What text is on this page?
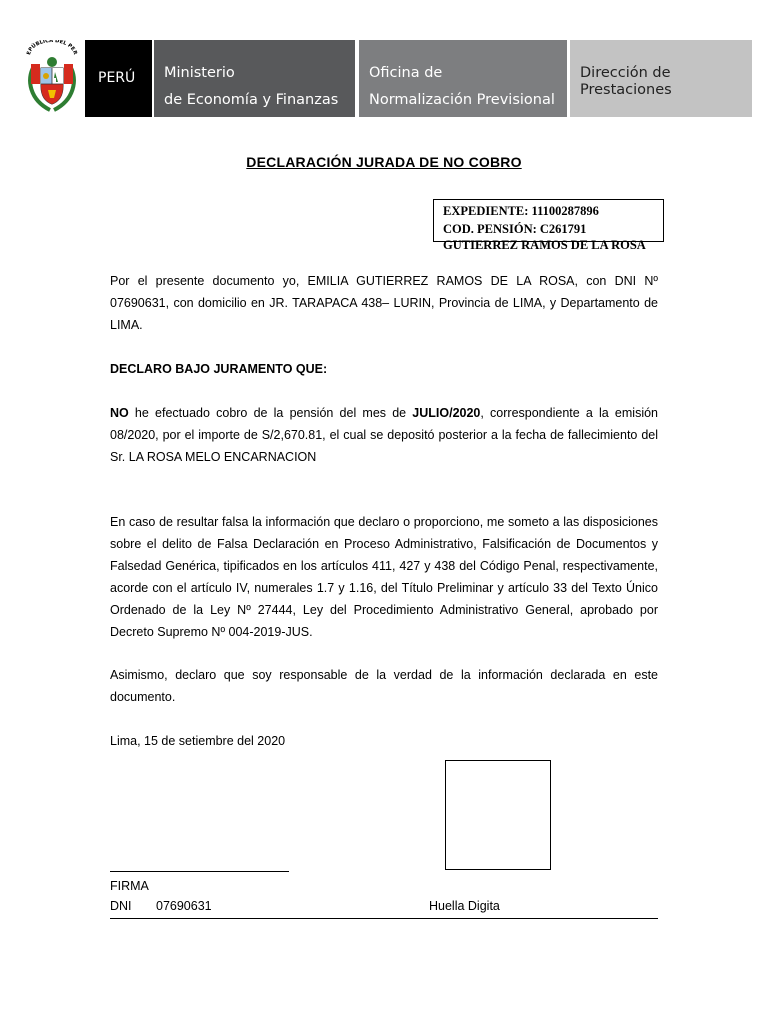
EPÚBLICA DEL PER
PERÚ Ministerio
de Economía y Finanzas
Oficina de
Normalización Previsional
Dirección de
Prestaciones
DECLARACIÓN JURADA DE NO COBRO
EXPEDIENTE: 11100287896
COD. PENSIÓN: C261791
GUTIERREZ RAMOS DE LA ROSA
Por el presente documento yo, EMILIA GUTIERREZ RAMOS DE LA ROSA, con DNI Nº 07690631, con domicilio en JR. TARAPACA 438– LURIN, Provincia de LIMA, y Departamento de LIMA.
DECLARO BAJO JURAMENTO QUE:
NO he efectuado cobro de la pensión del mes de JULIO/2020, correspondiente a la emisión 08/2020, por el importe de S/2,670.81, el cual se depositó posterior a la fecha de fallecimiento del Sr. LA ROSA MELO ENCARNACION
En caso de resultar falsa la información que declaro o proporciono, me someto a las disposiciones sobre el delito de Falsa Declaración en Proceso Administrativo, Falsificación de Documentos y Falsedad Genérica, tipificados en los artículos 411, 427 y 438 del Código Penal, respectivamente, acorde con el artículo IV, numerales 1.7 y 1.16, del Título Preliminar y artículo 33 del Texto Único Ordenado de la Ley Nº 27444, Ley del Procedimiento Administrativo General, aprobado por Decreto Supremo Nº 004-2019-JUS.
Asimismo, declaro que soy responsable de la verdad de la información declarada en este documento.
Lima, 15 de setiembre del 2020
FIRMA
DNI 07690631	Huella Digita
